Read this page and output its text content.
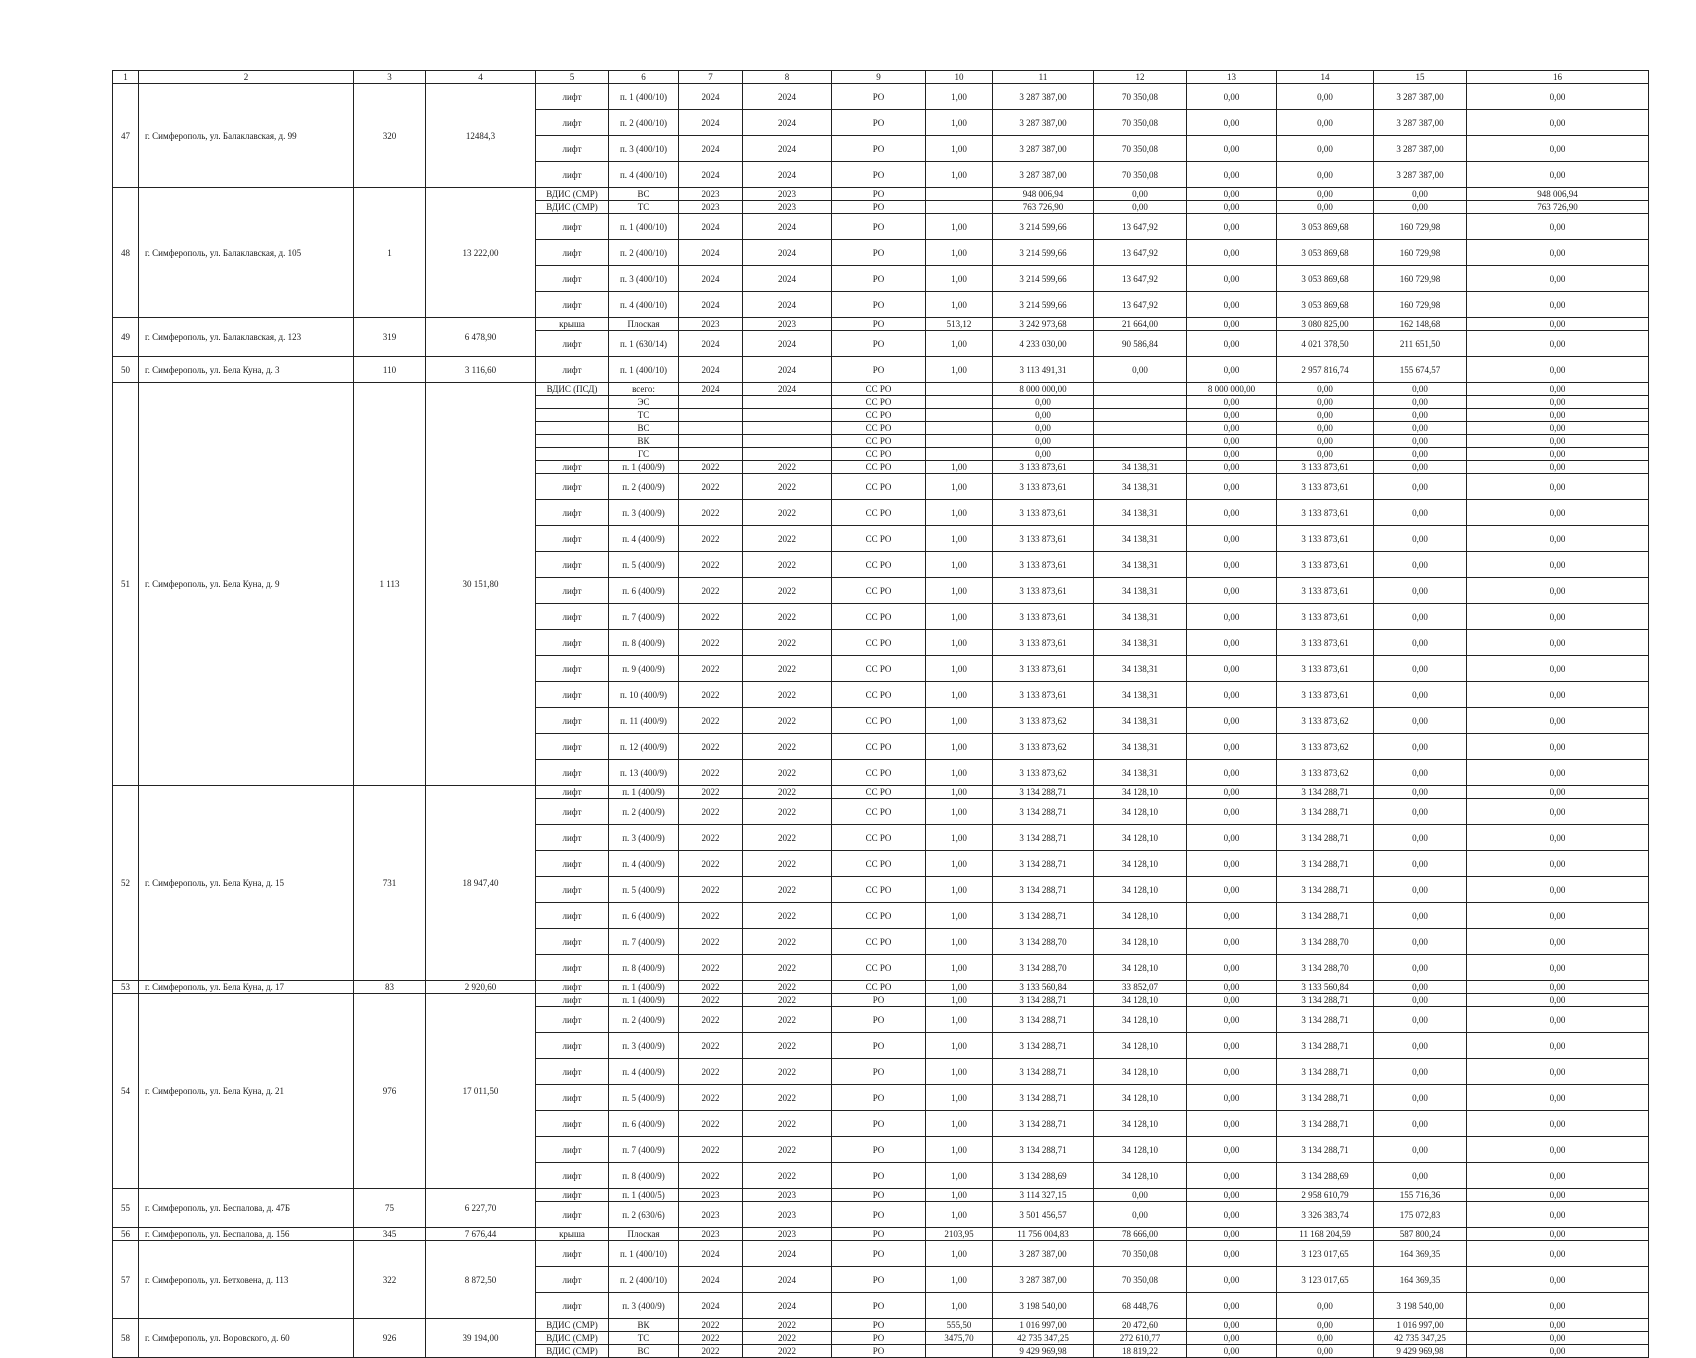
1	2	3	4	5	6	7	8	9	10	11	12	13	14	15	16
47	г. Симферополь, ул. Балаклавская, д. 99	320	12484,3	лифт	п. 1 (400/10)	2024	2024	РО	1,00	3 287 387,00	70 350,08	0,00	0,00	3 287 387,00	0,00
				лифт	п. 2 (400/10)	2024	2024	РО	1,00	3 287 387,00	70 350,08	0,00	0,00	3 287 387,00	0,00
				лифт	п. 3 (400/10)	2024	2024	РО	1,00	3 287 387,00	70 350,08	0,00	0,00	3 287 387,00	0,00
				лифт	п. 4 (400/10)	2024	2024	РО	1,00	3 287 387,00	70 350,08	0,00	0,00	3 287 387,00	0,00
48	г. Симферополь, ул. Балаклавская, д. 105	1	13 222,00	ВДИС (СМР)	ВС	2023	2023	РО		948 006,94	0,00	0,00	0,00	0,00	948 006,94
				ВДИС (СМР)	ТС	2023	2023	РО		763 726,90	0,00	0,00	0,00	0,00	763 726,90
				лифт	п. 1 (400/10)	2024	2024	РО	1,00	3 214 599,66	13 647,92	0,00	3 053 869,68	160 729,98	0,00
				лифт	п. 2 (400/10)	2024	2024	РО	1,00	3 214 599,66	13 647,92	0,00	3 053 869,68	160 729,98	0,00
				лифт	п. 3 (400/10)	2024	2024	РО	1,00	3 214 599,66	13 647,92	0,00	3 053 869,68	160 729,98	0,00
				лифт	п. 4 (400/10)	2024	2024	РО	1,00	3 214 599,66	13 647,92	0,00	3 053 869,68	160 729,98	0,00
49	г. Симферополь, ул. Балаклавская, д. 123	319	6 478,90	крыша	Плоская	2023	2023	РО	513,12	3 242 973,68	21 664,00	0,00	3 080 825,00	162 148,68	0,00
				лифт	п. 1 (630/14)	2024	2024	РО	1,00	4 233 030,00	90 586,84	0,00	4 021 378,50	211 651,50	0,00
50	г. Симферополь, ул. Бела Куна, д. 3	110	3 116,60	лифт	п. 1 (400/10)	2024	2024	РО	1,00	3 113 491,31	0,00	0,00	2 957 816,74	155 674,57	0,00
51	г. Симферополь, ул. Бела Куна, д. 9	1 113	30 151,80	ВДИС (ПСД)	всего:	2024	2024	СС РО		8 000 000,00		8 000 000,00	0,00	0,00	0,00
					ЭС			СС РО		0,00		0,00	0,00	0,00	0,00
					ТС			СС РО		0,00		0,00	0,00	0,00	0,00
					ВС			СС РО		0,00		0,00	0,00	0,00	0,00
					ВК			СС РО		0,00		0,00	0,00	0,00	0,00
					ГС			СС РО		0,00		0,00	0,00	0,00	0,00
				лифт	п. 1 (400/9)	2022	2022	СС РО	1,00	3 133 873,61	34 138,31	0,00	3 133 873,61	0,00	0,00
				лифт	п. 2 (400/9)	2022	2022	СС РО	1,00	3 133 873,61	34 138,31	0,00	3 133 873,61	0,00	0,00
				лифт	п. 3 (400/9)	2022	2022	СС РО	1,00	3 133 873,61	34 138,31	0,00	3 133 873,61	0,00	0,00
				лифт	п. 4 (400/9)	2022	2022	СС РО	1,00	3 133 873,61	34 138,31	0,00	3 133 873,61	0,00	0,00
				лифт	п. 5 (400/9)	2022	2022	СС РО	1,00	3 133 873,61	34 138,31	0,00	3 133 873,61	0,00	0,00
				лифт	п. 6 (400/9)	2022	2022	СС РО	1,00	3 133 873,61	34 138,31	0,00	3 133 873,61	0,00	0,00
				лифт	п. 7 (400/9)	2022	2022	СС РО	1,00	3 133 873,61	34 138,31	0,00	3 133 873,61	0,00	0,00
				лифт	п. 8 (400/9)	2022	2022	СС РО	1,00	3 133 873,61	34 138,31	0,00	3 133 873,61	0,00	0,00
				лифт	п. 9 (400/9)	2022	2022	СС РО	1,00	3 133 873,61	34 138,31	0,00	3 133 873,61	0,00	0,00
				лифт	п. 10 (400/9)	2022	2022	СС РО	1,00	3 133 873,61	34 138,31	0,00	3 133 873,61	0,00	0,00
				лифт	п. 11 (400/9)	2022	2022	СС РО	1,00	3 133 873,62	34 138,31	0,00	3 133 873,62	0,00	0,00
				лифт	п. 12 (400/9)	2022	2022	СС РО	1,00	3 133 873,62	34 138,31	0,00	3 133 873,62	0,00	0,00
				лифт	п. 13 (400/9)	2022	2022	СС РО	1,00	3 133 873,62	34 138,31	0,00	3 133 873,62	0,00	0,00
52	г. Симферополь, ул. Бела Куна, д. 15	731	18 947,40	лифт	п. 1 (400/9)	2022	2022	СС РО	1,00	3 134 288,71	34 128,10	0,00	3 134 288,71	0,00	0,00
				лифт	п. 2 (400/9)	2022	2022	СС РО	1,00	3 134 288,71	34 128,10	0,00	3 134 288,71	0,00	0,00
				лифт	п. 3 (400/9)	2022	2022	СС РО	1,00	3 134 288,71	34 128,10	0,00	3 134 288,71	0,00	0,00
				лифт	п. 4 (400/9)	2022	2022	СС РО	1,00	3 134 288,71	34 128,10	0,00	3 134 288,71	0,00	0,00
				лифт	п. 5 (400/9)	2022	2022	СС РО	1,00	3 134 288,71	34 128,10	0,00	3 134 288,71	0,00	0,00
				лифт	п. 6 (400/9)	2022	2022	СС РО	1,00	3 134 288,71	34 128,10	0,00	3 134 288,71	0,00	0,00
				лифт	п. 7 (400/9)	2022	2022	СС РО	1,00	3 134 288,70	34 128,10	0,00	3 134 288,70	0,00	0,00
				лифт	п. 8 (400/9)	2022	2022	СС РО	1,00	3 134 288,70	34 128,10	0,00	3 134 288,70	0,00	0,00
53	г. Симферополь, ул. Бела Куна, д. 17	83	2 920,60	лифт	п. 1 (400/9)	2022	2022	СС РО	1,00	3 133 560,84	33 852,07	0,00	3 133 560,84	0,00	0,00
54	г. Симферополь, ул. Бела Куна, д. 21	976	17 011,50	лифт	п. 1 (400/9)	2022	2022	РО	1,00	3 134 288,71	34 128,10	0,00	3 134 288,71	0,00	0,00
				лифт	п. 2 (400/9)	2022	2022	РО	1,00	3 134 288,71	34 128,10	0,00	3 134 288,71	0,00	0,00
				лифт	п. 3 (400/9)	2022	2022	РО	1,00	3 134 288,71	34 128,10	0,00	3 134 288,71	0,00	0,00
				лифт	п. 4 (400/9)	2022	2022	РО	1,00	3 134 288,71	34 128,10	0,00	3 134 288,71	0,00	0,00
				лифт	п. 5 (400/9)	2022	2022	РО	1,00	3 134 288,71	34 128,10	0,00	3 134 288,71	0,00	0,00
				лифт	п. 6 (400/9)	2022	2022	РО	1,00	3 134 288,71	34 128,10	0,00	3 134 288,71	0,00	0,00
				лифт	п. 7 (400/9)	2022	2022	РО	1,00	3 134 288,71	34 128,10	0,00	3 134 288,71	0,00	0,00
				лифт	п. 8 (400/9)	2022	2022	РО	1,00	3 134 288,69	34 128,10	0,00	3 134 288,69	0,00	0,00
55	г. Симферополь, ул. Беспалова, д. 47Б	75	6 227,70	лифт	п. 1 (400/5)	2023	2023	РО	1,00	3 114 327,15	0,00	0,00	2 958 610,79	155 716,36	0,00
				лифт	п. 2 (630/6)	2023	2023	РО	1,00	3 501 456,57	0,00	0,00	3 326 383,74	175 072,83	0,00
56	г. Симферополь, ул. Беспалова, д. 156	345	7 676,44	крыша	Плоская	2023	2023	РО	2103,95	11 756 004,83	78 666,00	0,00	11 168 204,59	587 800,24	0,00
57	г. Симферополь, ул. Бетховена, д. 113	322	8 872,50	лифт	п. 1 (400/10)	2024	2024	РО	1,00	3 287 387,00	70 350,08	0,00	3 123 017,65	164 369,35	0,00
				лифт	п. 2 (400/10)	2024	2024	РО	1,00	3 287 387,00	70 350,08	0,00	3 123 017,65	164 369,35	0,00
				лифт	п. 3 (400/9)	2024	2024	РО	1,00	3 198 540,00	68 448,76	0,00	0,00	3 198 540,00	0,00
58	г. Симферополь, ул. Воровского, д. 60	926	39 194,00	ВДИС (СМР)	ВК	2022	2022	РО	555,50	1 016 997,00	20 472,60	0,00	0,00	1 016 997,00	0,00
				ВДИС (СМР)	ТС	2022	2022	РО	3475,70	42 735 347,25	272 610,77	0,00	0,00	42 735 347,25	0,00
				ВДИС (СМР)	ВС	2022	2022	РО		9 429 969,98	18 819,22	0,00	0,00	9 429 969,98	0,00
